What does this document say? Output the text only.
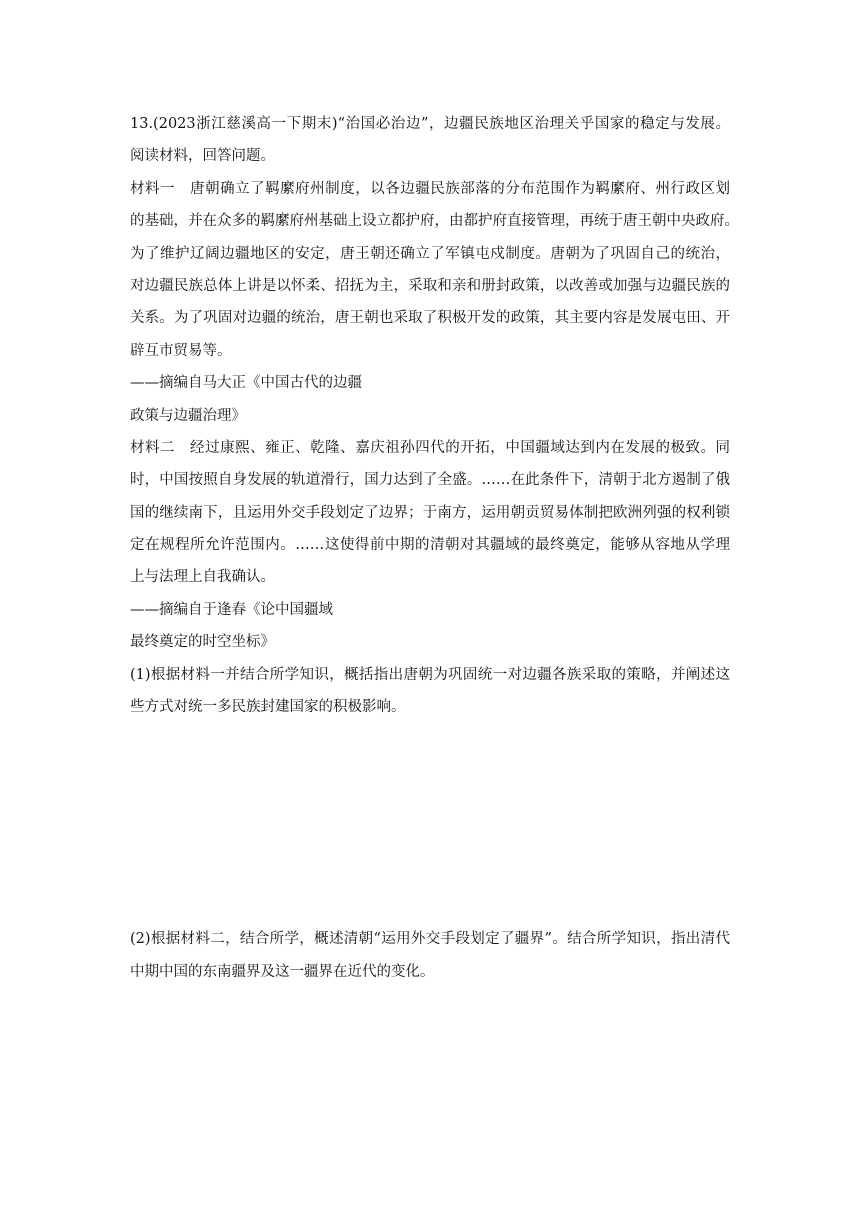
13.(2023浙江慈溪高一下期末)“治国必治边”，边疆民族地区治理关乎国家的稳定与发展。
阅读材料，回答问题。
材料一　唐朝确立了羁縻府州制度，以各边疆民族部落的分布范围作为羁縻府、州行政区划
的基础，并在众多的羁縻府州基础上设立都护府，由都护府直接管理，再统于唐王朝中央政府。
为了维护辽阔边疆地区的安定，唐王朝还确立了军镇屯戍制度。唐朝为了巩固自己的统治，
对边疆民族总体上讲是以怀柔、招抚为主，采取和亲和册封政策，以改善或加强与边疆民族的
关系。为了巩固对边疆的统治，唐王朝也采取了积极开发的政策，其主要内容是发展屯田、开
辟互市贸易等。
——摘编自马大正《中国古代的边疆
政策与边疆治理》
材料二　经过康熙、雍正、乾隆、嘉庆祖孙四代的开拓，中国疆域达到内在发展的极致。同
时，中国按照自身发展的轨道滑行，国力达到了全盛。……在此条件下，清朝于北方遏制了俄
国的继续南下，且运用外交手段划定了边界；于南方，运用朝贡贸易体制把欧洲列强的权利锁
定在规程所允许范围内。……这使得前中期的清朝对其疆域的最终奠定，能够从容地从学理
上与法理上自我确认。
——摘编自于逢春《论中国疆域
最终奠定的时空坐标》
(1)根据材料一并结合所学知识，概括指出唐朝为巩固统一对边疆各族采取的策略，并阐述这
些方式对统一多民族封建国家的积极影响。
(2)根据材料二，结合所学，概述清朝“运用外交手段划定了疆界”。结合所学知识，指出清代
中期中国的东南疆界及这一疆界在近代的变化。
